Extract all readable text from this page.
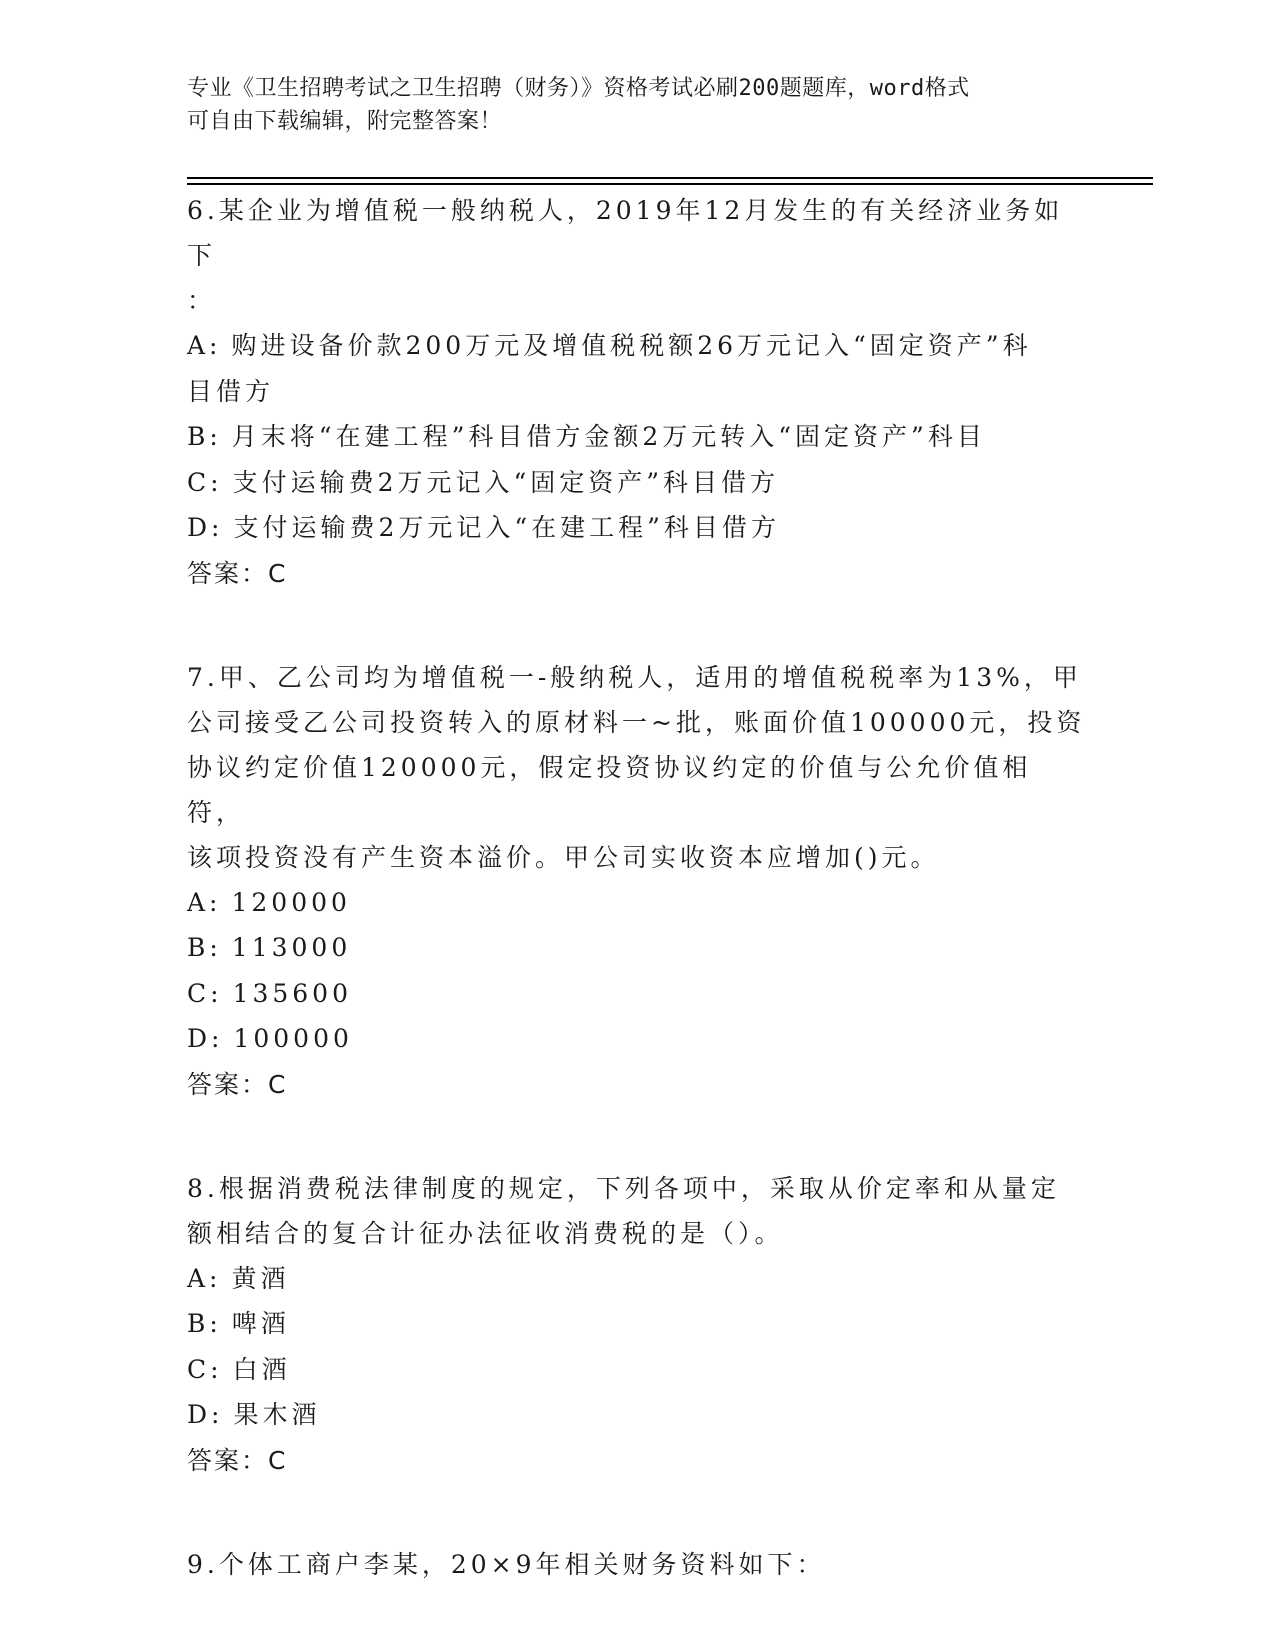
专业《卫生招聘考试之卫生招聘（财务）》资格考试必刷200题题库，word格式
可自由下载编辑，附完整答案！
6.某企业为增值税一般纳税人，2019年12月发生的有关经济业务如下
：
A: 购进设备价款200万元及增值税税额26万元记入“固定资产”科
目借方
B: 月末将“在建工程”科目借方金额2万元转入“固定资产”科目
C: 支付运输费2万元记入“固定资产”科目借方
D: 支付运输费2万元记入“在建工程”科目借方
答案：C
7.甲、乙公司均为增值税一-般纳税人，适用的增值税税率为13%，甲
公司接受乙公司投资转入的原材料一~批，账面价值100000元，投资
协议约定价值120000元，假定投资协议约定的价值与公允价值相符，
该项投资没有产生资本溢价。甲公司实收资本应增加()元。
A: 120000
B: 113000
C: 135600
D: 100000
答案：C
8.根据消费税法律制度的规定，下列各项中，采取从价定率和从量定
额相结合的复合计征办法征收消费税的是（）。
A: 黄酒
B: 啤酒
C: 白酒
D: 果木酒
答案：C
9.个体工商户李某，20×9年相关财务资料如下：
